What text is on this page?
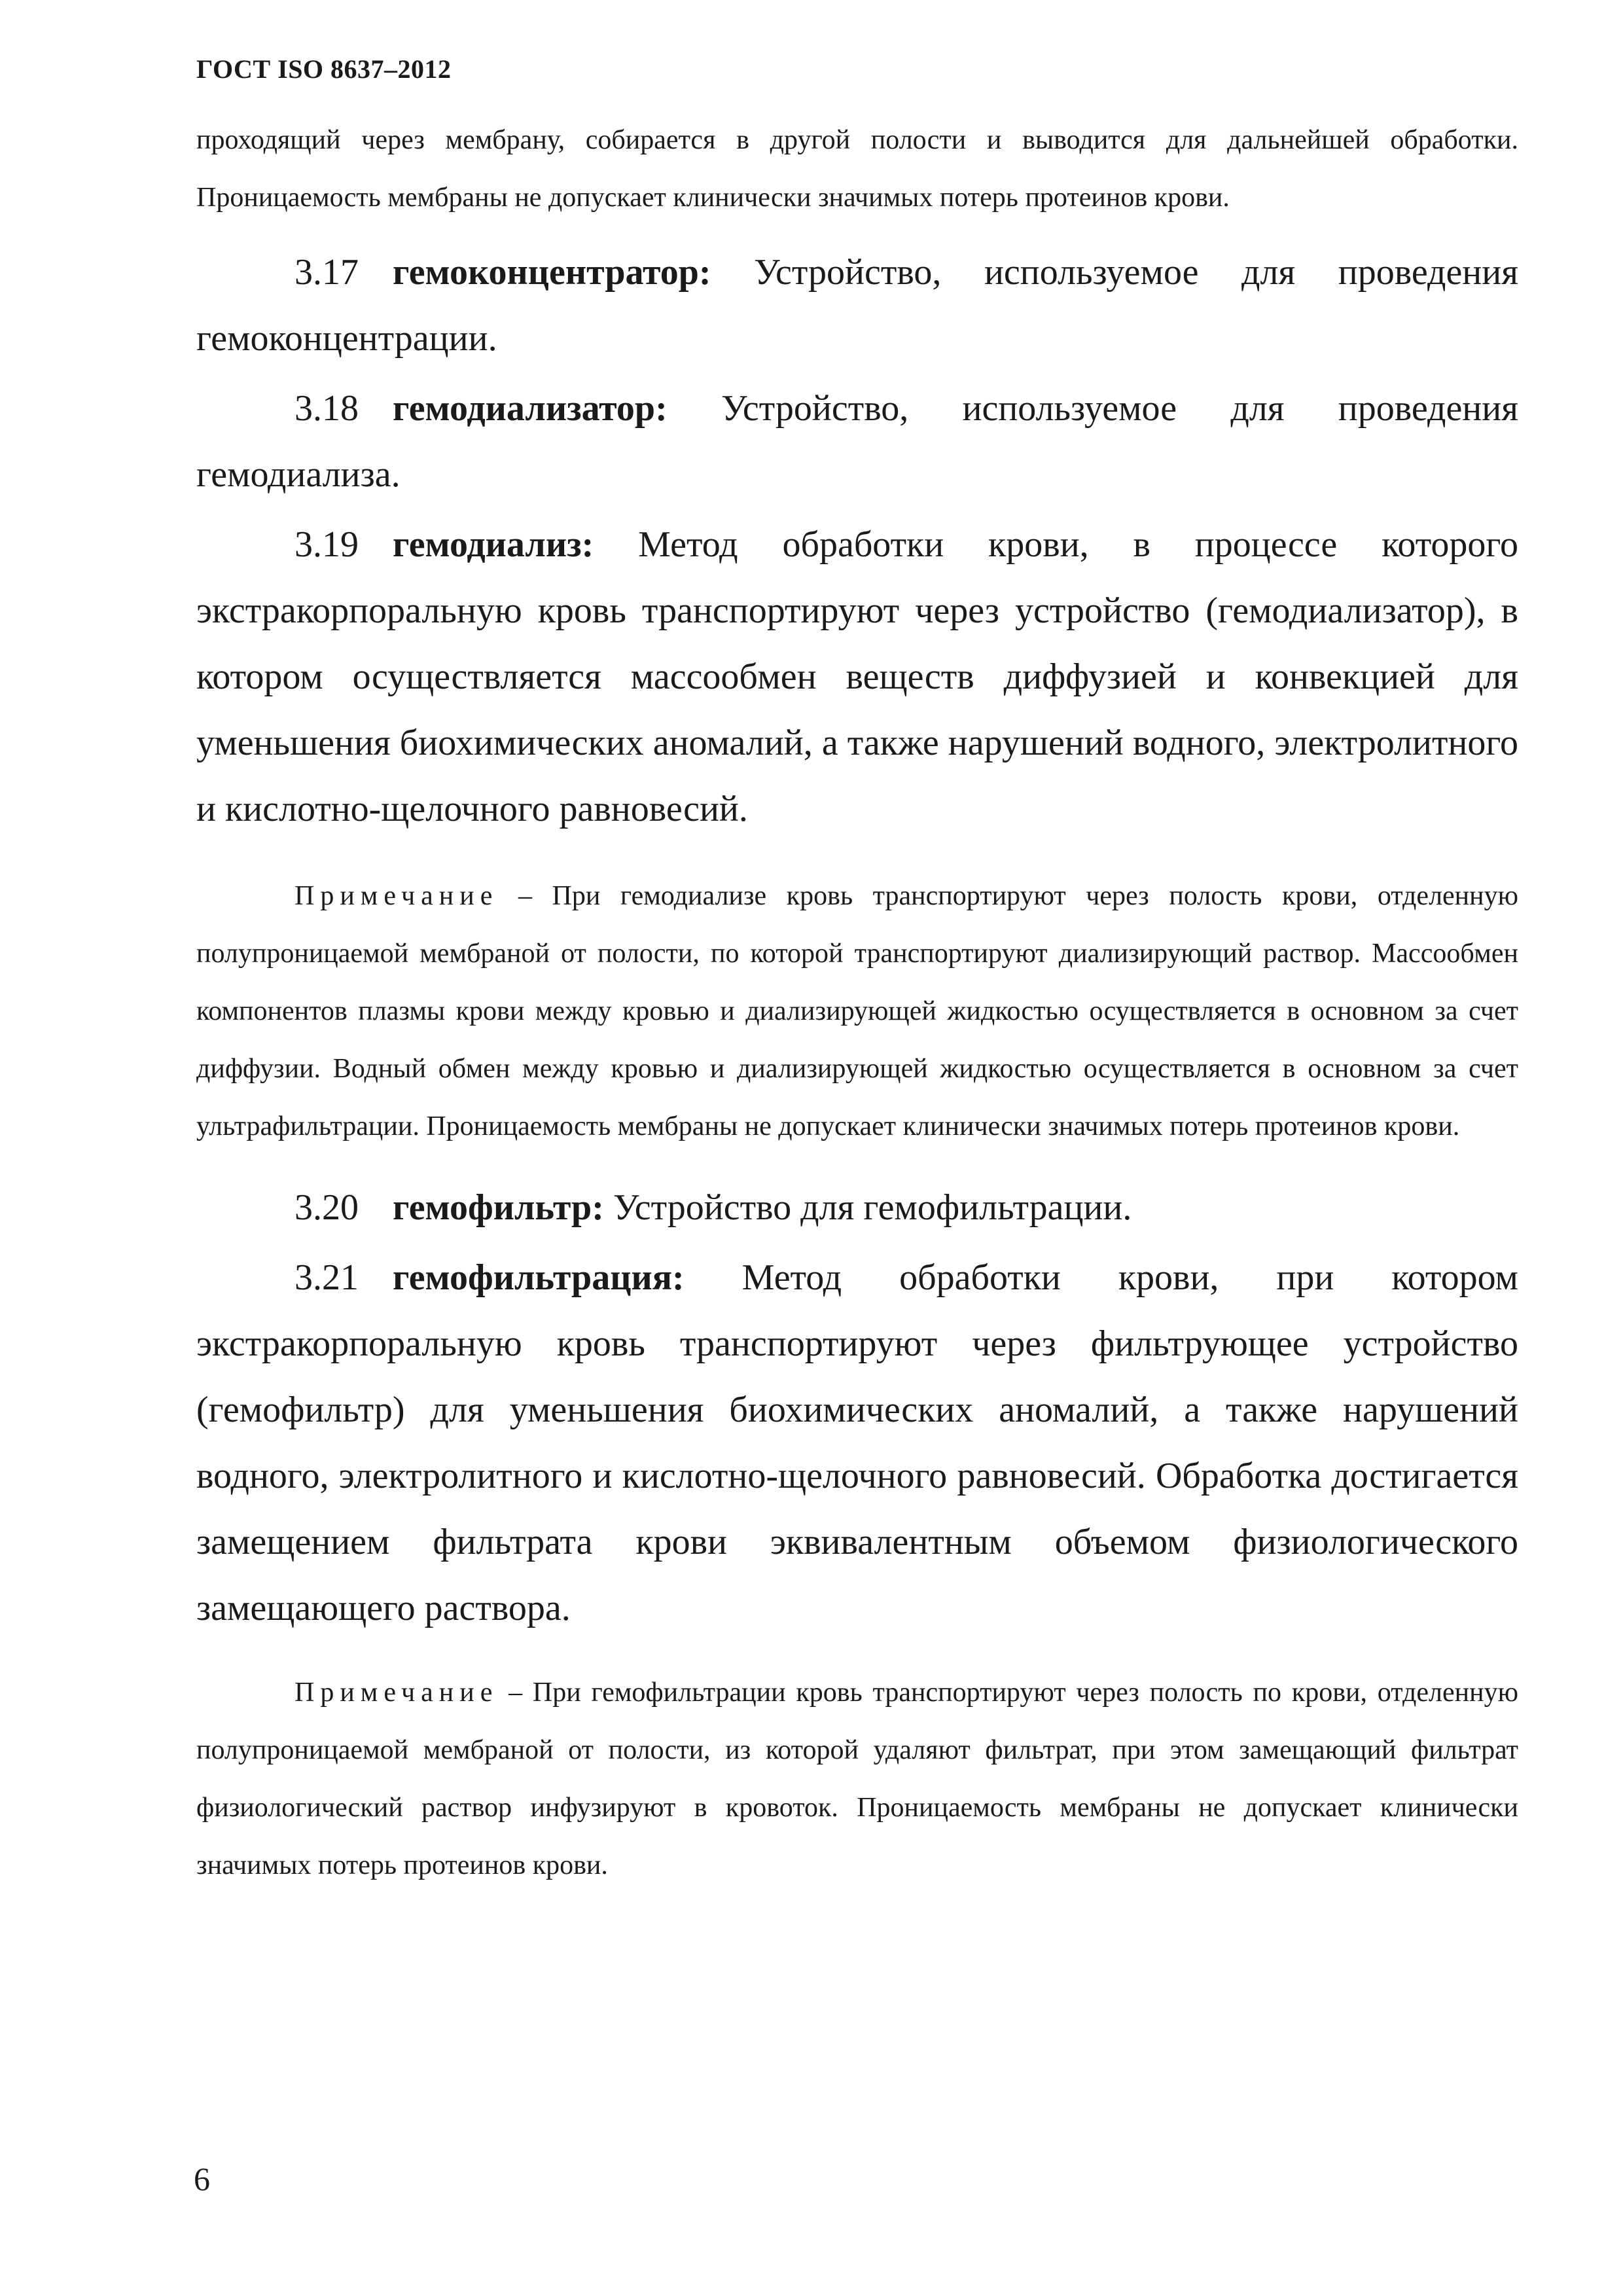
ГОСТ ISO 8637–2012

проходящий через мембрану, собирается в другой полости и выводится для дальнейшей обработки. Проницаемость мембраны не допускает клинически значимых потерь протеинов крови.

3.17 гемоконцентратор: Устройство, используемое для проведения гемоконцентрации.

3.18 гемодиализатор: Устройство, используемое для проведения гемодиализа.

3.19 гемодиализ: Метод обработки крови, в процессе которого экстракорпоральную кровь транспортируют через устройство (гемодиализатор), в котором осуществляется массообмен веществ диффузией и конвекцией для уменьшения биохимических аномалий, а также нарушений водного, электролитного и кислотно-щелочного равновесий.

Примечание – При гемодиализе кровь транспортируют через полость крови, отделенную полупроницаемой мембраной от полости, по которой транспортируют диализирующий раствор. Массообмен компонентов плазмы крови между кровью и диализирующей жидкостью осуществляется в основном за счет диффузии. Водный обмен между кровью и диализирующей жидкостью осуществляется в основном за счет ультрафильтрации. Проницаемость мембраны не допускает клинически значимых потерь протеинов крови.

3.20 гемофильтр: Устройство для гемофильтрации.

3.21 гемофильтрация: Метод обработки крови, при котором экстракорпоральную кровь транспортируют через фильтрующее устройство (гемофильтр) для уменьшения биохимических аномалий, а также нарушений водного, электролитного и кислотно-щелочного равновесий. Обработка достигается замещением фильтрата крови эквивалентным объемом физиологического замещающего раствора.

Примечание – При гемофильтрации кровь транспортируют через полость по крови, отделенную полупроницаемой мембраной от полости, из которой удаляют фильтрат, при этом замещающий фильтрат физиологический раствор инфузируют в кровоток. Проницаемость мембраны не допускает клинически значимых потерь протеинов крови.

6
